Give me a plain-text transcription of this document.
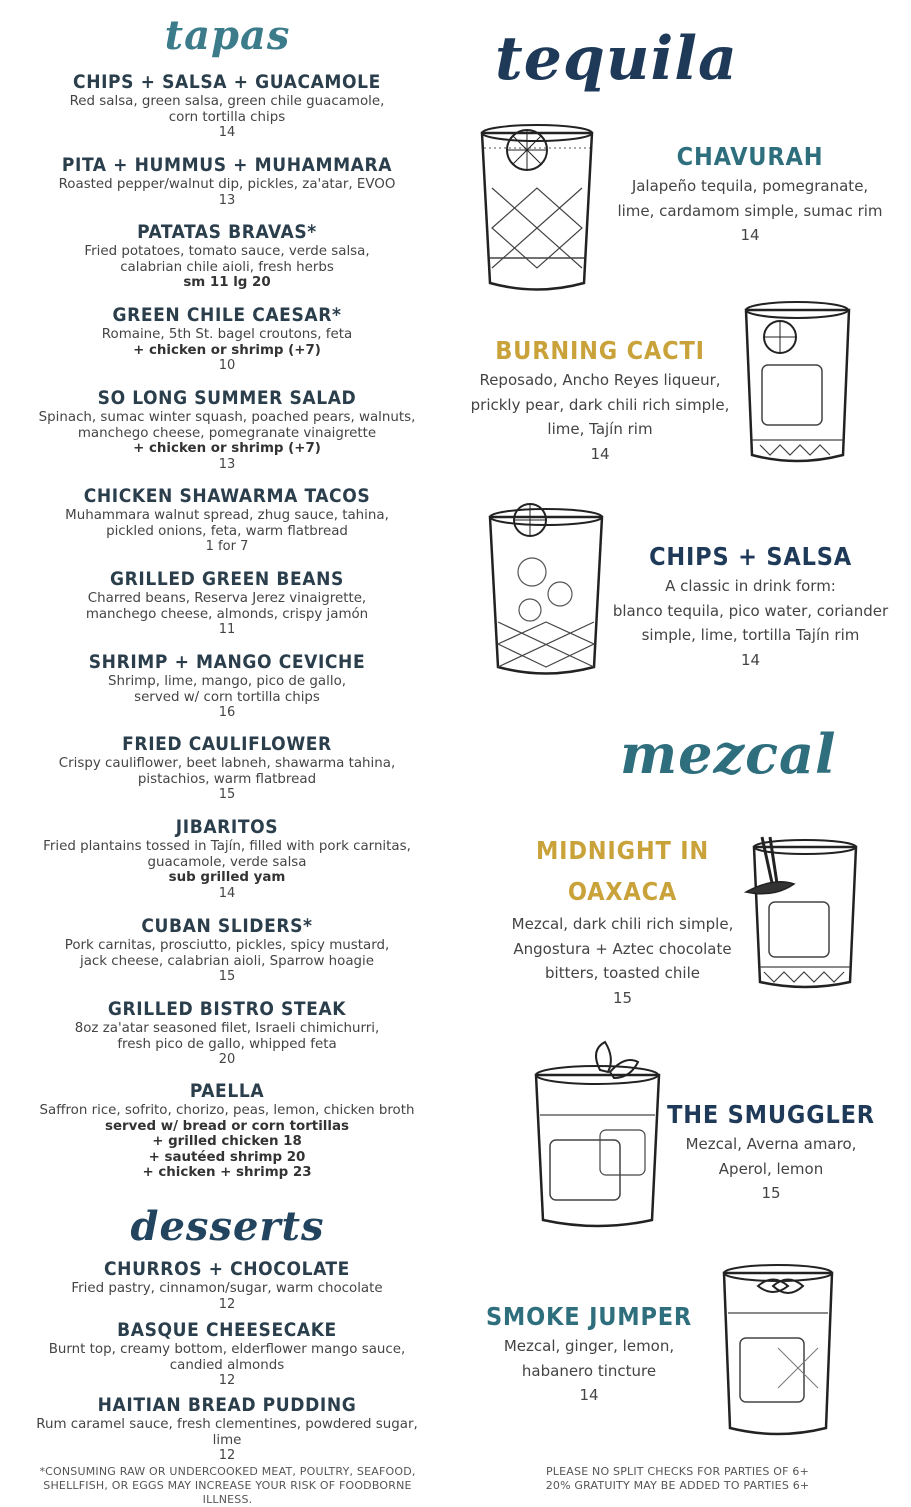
tapas
desserts
tequila
mezcal
CHIPS + SALSA + GUACAMOLE
Red salsa, green salsa, green chile guacamole,
corn tortilla chips
14
PITA + HUMMUS + MUHAMMARA
Roasted pepper/walnut dip, pickles, za'atar, EVOO
13
PATATAS BRAVAS*
Fried potatoes, tomato sauce, verde salsa,
calabrian chile aioli, fresh herbs
sm 11 lg 20
GREEN CHILE CAESAR*
Romaine, 5th St. bagel croutons, feta
+ chicken or shrimp (+7)
10
SO LONG SUMMER SALAD
Spinach, sumac winter squash, poached pears, walnuts,
manchego cheese, pomegranate vinaigrette
+ chicken or shrimp (+7)
13
CHICKEN SHAWARMA TACOS
Muhammara walnut spread, zhug sauce, tahina,
pickled onions, feta, warm flatbread
1 for 7
GRILLED GREEN BEANS
Charred beans, Reserva Jerez vinaigrette,
manchego cheese, almonds, crispy jamón
11
SHRIMP + MANGO CEVICHE
Shrimp, lime, mango, pico de gallo,
served w/ corn tortilla chips
16
FRIED CAULIFLOWER
Crispy cauliflower, beet labneh, shawarma tahina,
pistachios, warm flatbread
15
JIBARITOS
Fried plantains tossed in Tajín, filled with pork carnitas,
guacamole, verde salsa
sub grilled yam
14
CUBAN SLIDERS*
Pork carnitas, prosciutto, pickles, spicy mustard,
jack cheese, calabrian aioli, Sparrow hoagie
15
GRILLED BISTRO STEAK
8oz za'atar seasoned filet, Israeli chimichurri,
fresh pico de gallo, whipped feta
20
PAELLA
Saffron rice, sofrito, chorizo, peas, lemon, chicken broth
served w/ bread or corn tortillas
+ grilled chicken 18
+ sautéed shrimp 20
+ chicken + shrimp 23
CHURROS + CHOCOLATE
Fried pastry, cinnamon/sugar, warm chocolate
12
BASQUE CHEESECAKE
Burnt top, creamy bottom, elderflower mango sauce,
candied almonds
12
HAITIAN BREAD PUDDING
Rum caramel sauce, fresh clementines, powdered sugar, lime
12
CHAVURAH
Jalapeño tequila, pomegranate,
lime, cardamom simple, sumac rim
14
BURNING CACTI
Reposado, Ancho Reyes liqueur,
prickly pear, dark chili rich simple,
lime, Tajín rim
14
CHIPS + SALSA
A classic in drink form:
blanco tequila, pico water, coriander
simple, lime, tortilla Tajín rim
14
MIDNIGHT IN
OAXACA
Mezcal, dark chili rich simple,
Angostura + Aztec chocolate
bitters, toasted chile
15
THE SMUGGLER
Mezcal, Averna amaro,
Aperol, lemon
15
SMOKE JUMPER
Mezcal, ginger, lemon,
habanero tincture
14
*CONSUMING RAW OR UNDERCOOKED MEAT, POULTRY, SEAFOOD,
SHELLFISH, OR EGGS MAY INCREASE YOUR RISK OF FOODBORNE ILLNESS.
PLEASE NO SPLIT CHECKS FOR PARTIES OF 6+
20% GRATUITY MAY BE ADDED TO PARTIES 6+
